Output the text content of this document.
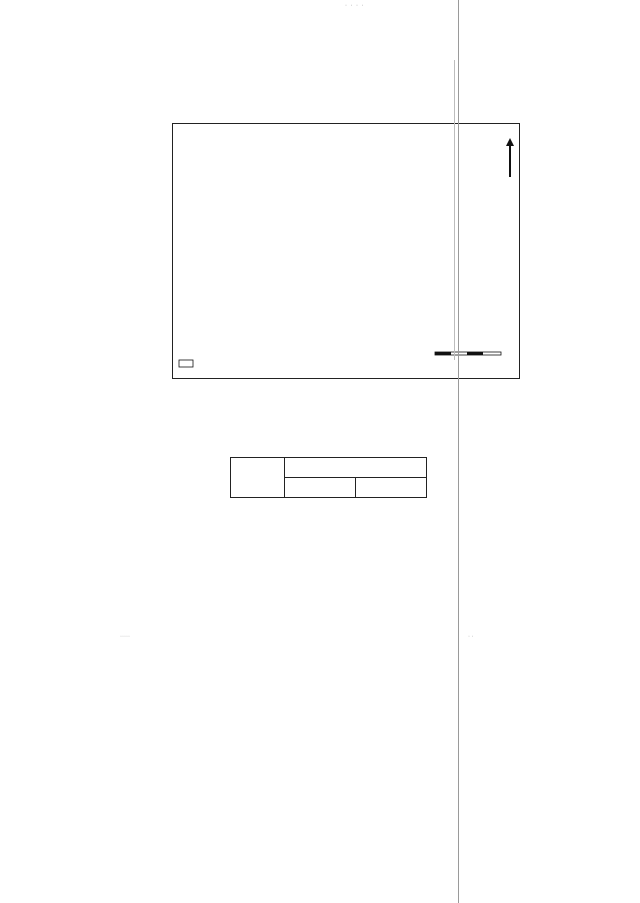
· · · ·

·····	· ·
